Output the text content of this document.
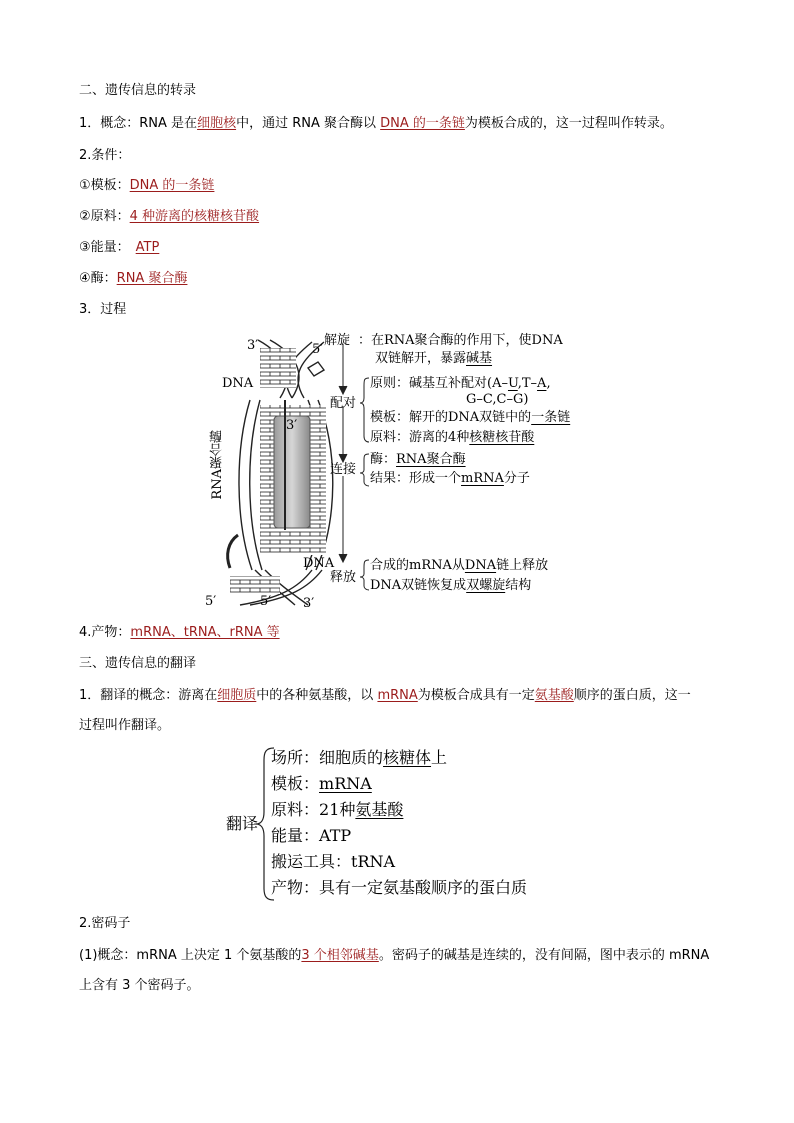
二、遗传信息的转录
1．概念：RNA 是在细胞核中，通过 RNA 聚合酶以 DNA 的一条链为模板合成的，这一过程叫作转录。
2.条件：
①模板：DNA 的一条链
②原料：4 种游离的核糖核苷酸
③能量： ATP
④酶：RNA 聚合酶
3．过程
3′	5′
DNA
3′
RNA聚合酶
DNA
5′	5′ 3′
解旋 ：在RNA聚合酶的作用下，使DNA
双链解开，暴露碱基
配对
原则：碱基互补配对(A–U,T–A,
G–C,C–G)
模板：解开的DNA双链中的一条链
原料：游离的4种核糖核苷酸
连接
酶：RNA聚合酶
结果：形成一个mRNA分子
释放
合成的mRNA从DNA链上释放
DNA双链恢复成双螺旋结构
4.产物：mRNA、tRNA、rRNA 等
三、遗传信息的翻译
1．翻译的概念：游离在细胞质中的各种氨基酸，以 mRNA为模板合成具有一定氨基酸顺序的蛋白质，这一
过程叫作翻译。
翻译
场所：细胞质的核糖体上
模板：mRNA
原料：21种氨基酸
能量：ATP
搬运工具：tRNA
产物：具有一定氨基酸顺序的蛋白质
2.密码子
(1)概念：mRNA 上决定 1 个氨基酸的3 个相邻碱基。密码子的碱基是连续的，没有间隔，图中表示的 mRNA
上含有 3 个密码子。
